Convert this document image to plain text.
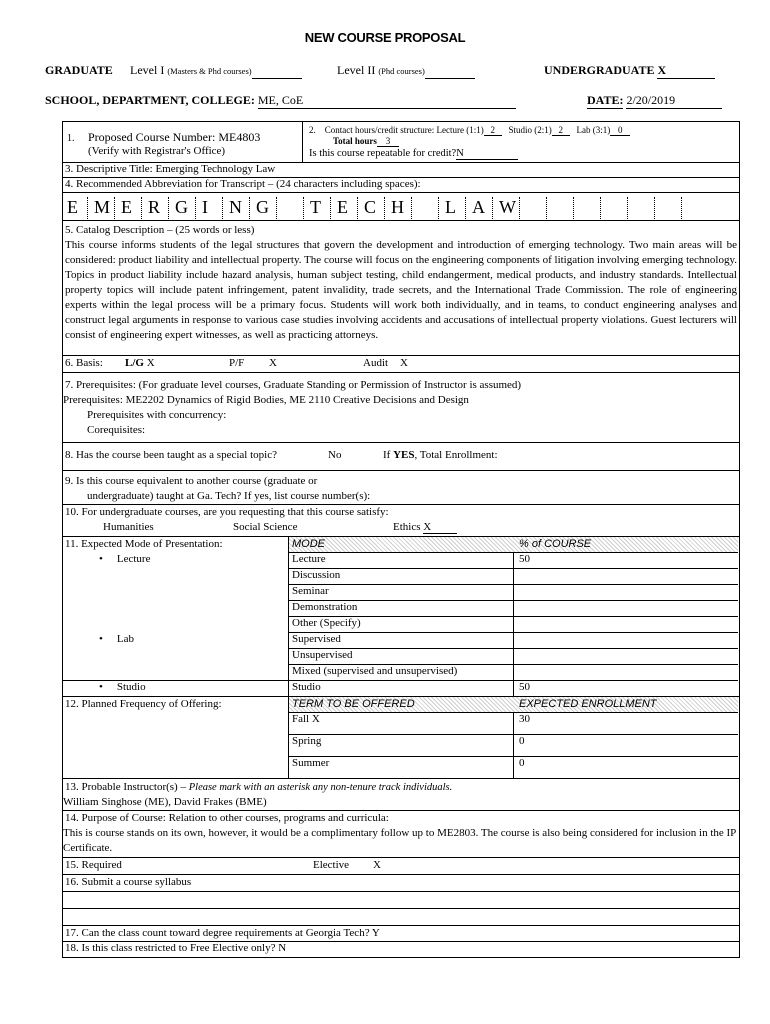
NEW COURSE PROPOSAL
GRADUATE Level I (Masters & Phd courses)	Level II (Phd courses)	UNDERGRADUATE X
SCHOOL, DEPARTMENT, COLLEGE: ME, CoE	DATE: 2/20/2019
1. Proposed Course Number: ME4803
(Verify with Registrar's Office)
2. Contact hours/credit structure: Lecture (1:1) 2 Studio (2:1) 2 Lab (3:1) 0
Total hours 3
Is this course repeatable for credit?N
3. Descriptive Title: Emerging Technology Law
4. Recommended Abbreviation for Transcript – (24 characters including spaces):
E M E R G I N G T E C H L A W
5. Catalog Description – (25 words or less)
This course informs students of the legal structures that govern the development and introduction of emerging technology. Two main areas will be considered: product liability and intellectual property. The course will focus on the engineering components of litigation involving emerging technology. Topics in product liability include hazard analysis, human subject testing, child endangerment, medical products, and industry standards. Intellectual property topics will include patent infringement, patent invalidity, trade secrets, and the International Trade Commission. The role of engineering experts within the legal process will be a primary focus. Students will work both individually, and in teams, to conduct engineering analyses and construct legal arguments in response to various case studies involving accidents and accusations of intellectual property violations. Guest lecturers will consist of engineering expert witnesses, as well as practicing attorneys.
6. Basis: L/G X	P/F X	Audit X
7. Prerequisites: (For graduate level courses, Graduate Standing or Permission of Instructor is assumed)
Prerequisites: ME2202 Dynamics of Rigid Bodies, ME 2110 Creative Decisions and Design
Prerequisites with concurrency:
Corequisites:
8. Has the course been taught as a special topic?	No	If YES, Total Enrollment:
9. Is this course equivalent to another course (graduate or
undergraduate) taught at Ga. Tech? If yes, list course number(s):
10. For undergraduate courses, are you requesting that this course satisfy:
Humanities	Social Science	Ethics X
11. Expected Mode of Presentation:	MODE	% of COURSE
• Lecture	Lecture	50
Discussion
Seminar
Demonstration
Other (Specify)
• Lab	Supervised
Unsupervised
Mixed (supervised and unsupervised)
• Studio	Studio	50
12. Planned Frequency of Offering:	TERM TO BE OFFERED	EXPECTED ENROLLMENT
Fall X	30
Spring	0
Summer	0
13. Probable Instructor(s) – Please mark with an asterisk any non-tenure track individuals.
William Singhose (ME), David Frakes (BME)
14. Purpose of Course: Relation to other courses, programs and curricula:
This is course stands on its own, however, it would be a complimentary follow up to ME2803. The course is also being considered for inclusion in the IP Certificate.
15. Required	Elective X
16. Submit a course syllabus
17. Can the class count toward degree requirements at Georgia Tech? Y
18. Is this class restricted to Free Elective only? N
